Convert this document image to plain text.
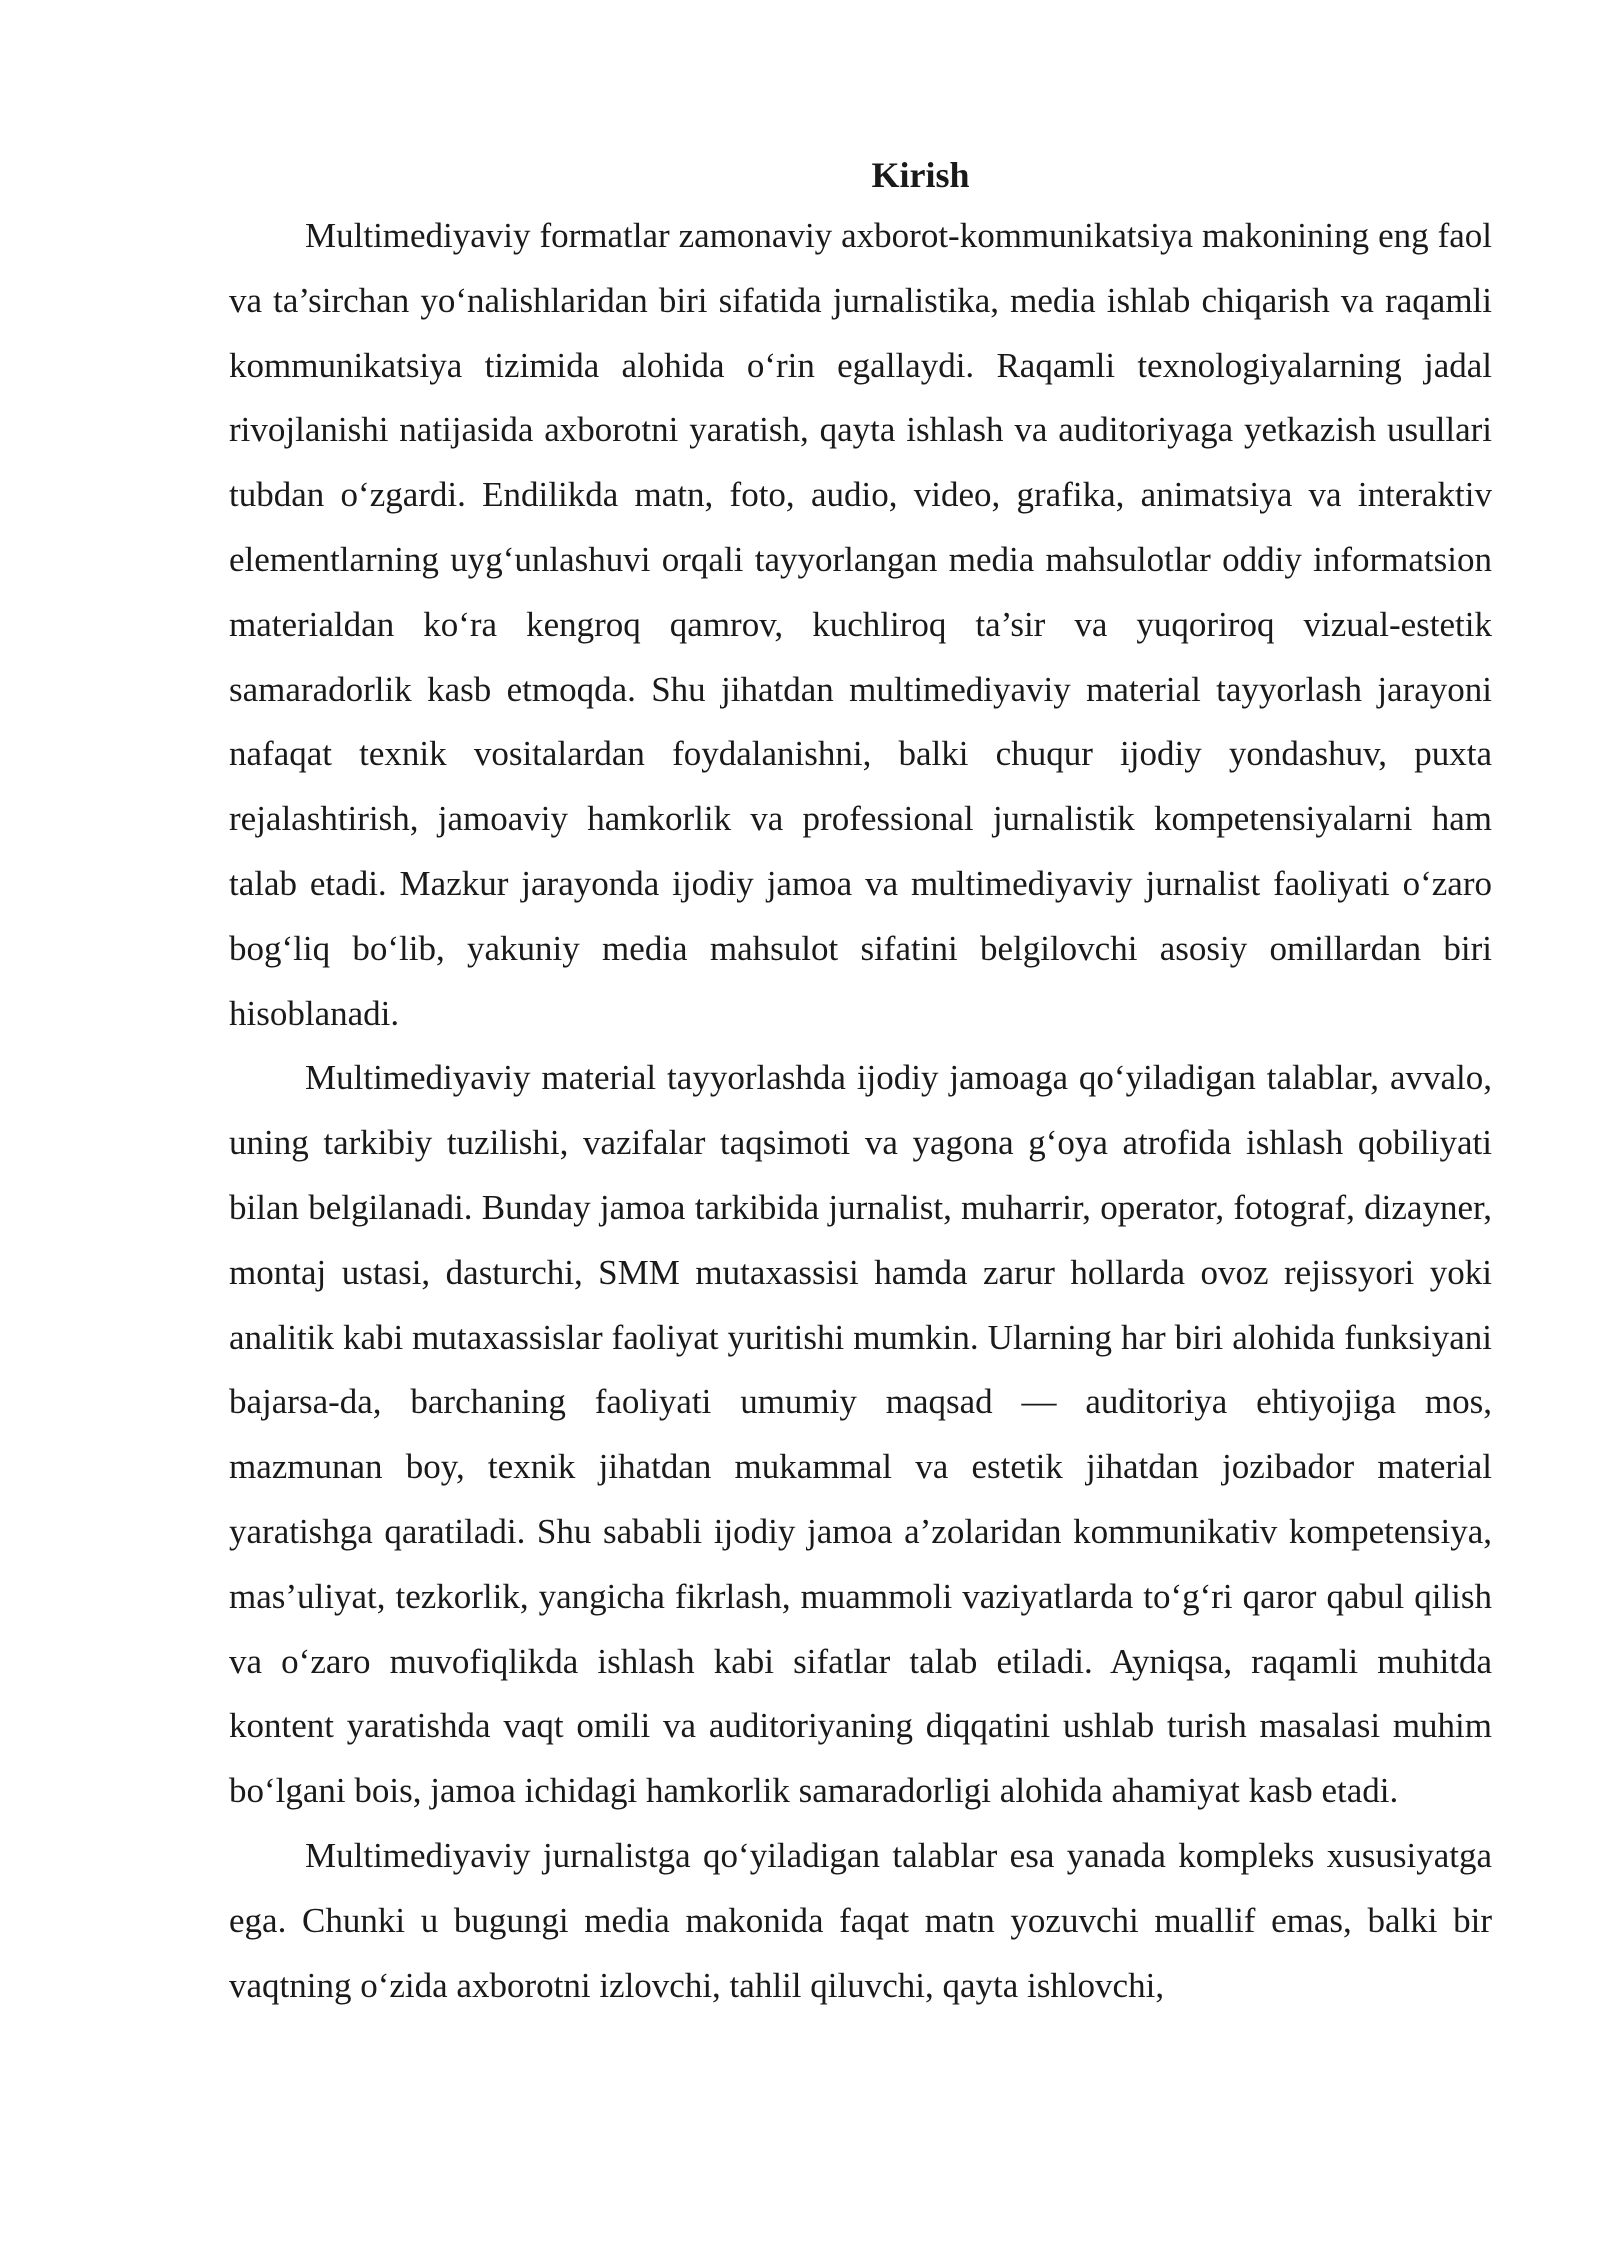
Kirish

Multimediyaviy formatlar zamonaviy axborot-kommunikatsiya makonining eng faol va ta’sirchan yo‘nalishlaridan biri sifatida jurnalistika, media ishlab chiqarish va raqamli kommunikatsiya tizimida alohida o‘rin egallaydi. Raqamli texnologiyalarning jadal rivojlanishi natijasida axborotni yaratish, qayta ishlash va auditoriyaga yetkazish usullari tubdan o‘zgardi. Endilikda matn, foto, audio, video, grafika, animatsiya va interaktiv elementlarning uyg‘unlashuvi orqali tayyorlangan media mahsulotlar oddiy informatsion materialdan ko‘ra kengroq qamrov, kuchliroq ta’sir va yuqoriroq vizual-estetik samaradorlik kasb etmoqda. Shu jihatdan multimediyaviy material tayyorlash jarayoni nafaqat texnik vositalardan foydalanishni, balki chuqur ijodiy yondashuv, puxta rejalashtirish, jamoaviy hamkorlik va professional jurnalistik kompetensiyalarni ham talab etadi. Mazkur jarayonda ijodiy jamoa va multimediyaviy jurnalist faoliyati o‘zaro bog‘liq bo‘lib, yakuniy media mahsulot sifatini belgilovchi asosiy omillardan biri hisoblanadi.

Multimediyaviy material tayyorlashda ijodiy jamoaga qo‘yiladigan talablar, avvalo, uning tarkibiy tuzilishi, vazifalar taqsimoti va yagona g‘oya atrofida ishlash qobiliyati bilan belgilanadi. Bunday jamoa tarkibida jurnalist, muharrir, operator, fotograf, dizayner, montaj ustasi, dasturchi, SMM mutaxassisi hamda zarur hollarda ovoz rejissyori yoki analitik kabi mutaxassislar faoliyat yuritishi mumkin. Ularning har biri alohida funksiyani bajarsa-da, barchaning faoliyati umumiy maqsad — auditoriya ehtiyojiga mos, mazmunan boy, texnik jihatdan mukammal va estetik jihatdan jozibador material yaratishga qaratiladi. Shu sababli ijodiy jamoa a’zolaridan kommunikativ kompetensiya, mas’uliyat, tezkorlik, yangicha fikrlash, muammoli vaziyatlarda to‘g‘ri qaror qabul qilish va o‘zaro muvofiqlikda ishlash kabi sifatlar talab etiladi. Ayniqsa, raqamli muhitda kontent yaratishda vaqt omili va auditoriyaning diqqatini ushlab turish masalasi muhim bo‘lgani bois, jamoa ichidagi hamkorlik samaradorligi alohida ahamiyat kasb etadi.

Multimediyaviy jurnalistga qo‘yiladigan talablar esa yanada kompleks xususiyatga ega. Chunki u bugungi media makonida faqat matn yozuvchi muallif emas, balki bir vaqtning o‘zida axborotni izlovchi, tahlil qiluvchi, qayta ishlovchi,
